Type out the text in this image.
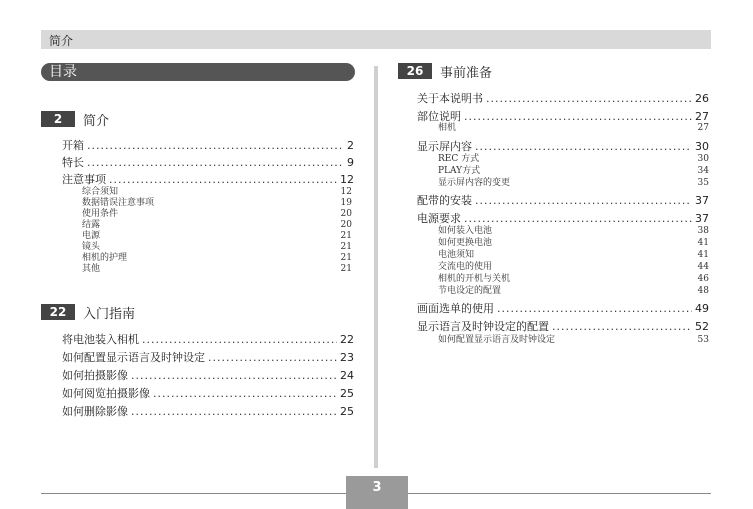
简介
目录
2	简介
开箱 .....	2
特长 .....	9
注意事项 .....	12
综合须知	12
数据错误注意事项	19
使用条件	20
结露	20
电源	21
镜头	21
相机的护理	21
其他	21
22	入门指南
将电池装入相机 .....	22
如何配置显示语言及时钟设定 .....	23
如何拍摄影像 .....	24
如何阅览拍摄影像 .....	25
如何删除影像 .....	25
26	事前准备
关于本说明书 .....	26
部位说明 .....	27
相机	27
显示屏内容 .....	30
REC 方式	30
PLAY方式	34
显示屏内容的变更	35
配带的安装 .....	37
电源要求 .....	37
如何装入电池	38
如何更换电池	41
电池须知	41
交流电的使用	44
相机的开机与关机	46
节电设定的配置	48
画面选单的使用 .....	49
显示语言及时钟设定的配置 .....	52
如何配置显示语言及时钟设定	53
3
